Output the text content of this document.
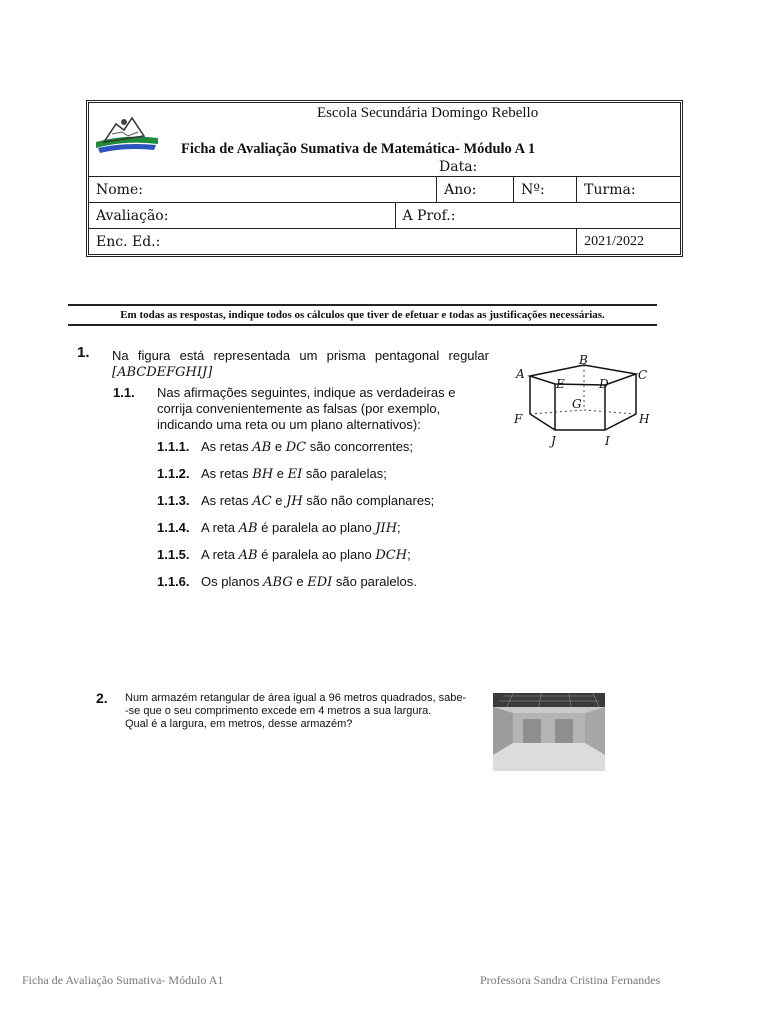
Escola Secundária Domingo Rebello
Ficha de Avaliação Sumativa de Matemática- Módulo A 1
Data:
Nome:		Ano:	Nº:	Turma:
Avaliação:	A Prof.:			
Enc. Ed.:				2021/2022
Em todas as respostas, indique todos os cálculos que tiver de efetuar e todas as justificações necessárias.
1. Na figura está representada um prisma pentagonal regular
[ABCDEFGHIJ]
1.1. Nas afirmações seguintes, indique as verdadeiras e corrija convenientemente as falsas (por exemplo, indicando uma reta ou um plano alternativos):
1.1.1. As retas AB e DC são concorrentes;
1.1.2. As retas BH e EI são paralelas;
1.1.3. As retas AC e JH são não complanares;
1.1.4. A reta AB é paralela ao plano JIH;
1.1.5. A reta AB é paralela ao plano DCH;
1.1.6. Os planos ABG e EDI são paralelos.
A
B
C
D
E
F
G
H
I
J
2. Num armazém retangular de área igual a 96 metros quadrados, sabe-
-se que o seu comprimento excede em 4 metros a sua largura.
Qual é a largura, em metros, desse armazém?
Ficha de Avaliação Sumativa- Módulo A1	Professora Sandra Cristina Fernandes
